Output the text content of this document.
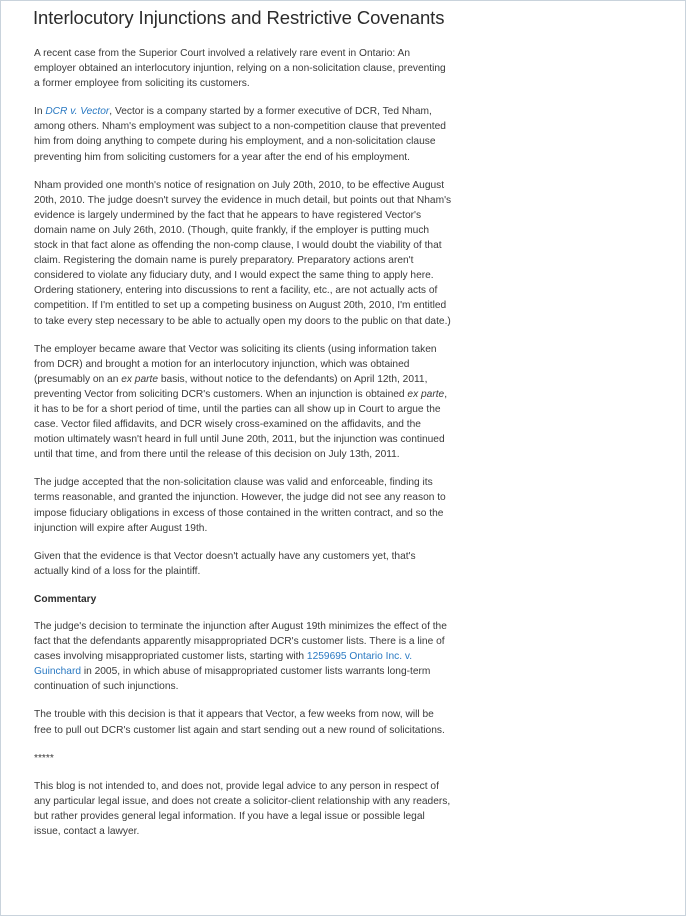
Interlocutory Injunctions and Restrictive Covenants

A recent case from the Superior Court involved a relatively rare event in Ontario: An employer obtained an interlocutory injuntion, relying on a non-solicitation clause, preventing a former employee from soliciting its customers.

In DCR v. Vector, Vector is a company started by a former executive of DCR, Ted Nham, among others. Nham's employment was subject to a non-competition clause that prevented him from doing anything to compete during his employment, and a non-solicitation clause preventing him from soliciting customers for a year after the end of his employment.

Nham provided one month's notice of resignation on July 20th, 2010, to be effective August 20th, 2010. The judge doesn't survey the evidence in much detail, but points out that Nham's evidence is largely undermined by the fact that he appears to have registered Vector's domain name on July 26th, 2010. (Though, quite frankly, if the employer is putting much stock in that fact alone as offending the non-comp clause, I would doubt the viability of that claim. Registering the domain name is purely preparatory. Preparatory actions aren't considered to violate any fiduciary duty, and I would expect the same thing to apply here. Ordering stationery, entering into discussions to rent a facility, etc., are not actually acts of competition. If I'm entitled to set up a competing business on August 20th, 2010, I'm entitled to take every step necessary to be able to actually open my doors to the public on that date.)

The employer became aware that Vector was soliciting its clients (using information taken from DCR) and brought a motion for an interlocutory injunction, which was obtained (presumably on an ex parte basis, without notice to the defendants) on April 12th, 2011, preventing Vector from soliciting DCR's customers. When an injunction is obtained ex parte, it has to be for a short period of time, until the parties can all show up in Court to argue the case. Vector filed affidavits, and DCR wisely cross-examined on the affidavits, and the motion ultimately wasn't heard in full until June 20th, 2011, but the injunction was continued until that time, and from there until the release of this decision on July 13th, 2011.

The judge accepted that the non-solicitation clause was valid and enforceable, finding its terms reasonable, and granted the injunction. However, the judge did not see any reason to impose fiduciary obligations in excess of those contained in the written contract, and so the injunction will expire after August 19th.

Given that the evidence is that Vector doesn't actually have any customers yet, that's actually kind of a loss for the plaintiff.

Commentary

The judge's decision to terminate the injunction after August 19th minimizes the effect of the fact that the defendants apparently misappropriated DCR's customer lists. There is a line of cases involving misappropriated customer lists, starting with 1259695 Ontario Inc. v. Guinchard in 2005, in which abuse of misappropriated customer lists warrants long-term continuation of such injunctions.

The trouble with this decision is that it appears that Vector, a few weeks from now, will be free to pull out DCR's customer list again and start sending out a new round of solicitations.

*****

This blog is not intended to, and does not, provide legal advice to any person in respect of any particular legal issue, and does not create a solicitor-client relationship with any readers, but rather provides general legal information. If you have a legal issue or possible legal issue, contact a lawyer.
